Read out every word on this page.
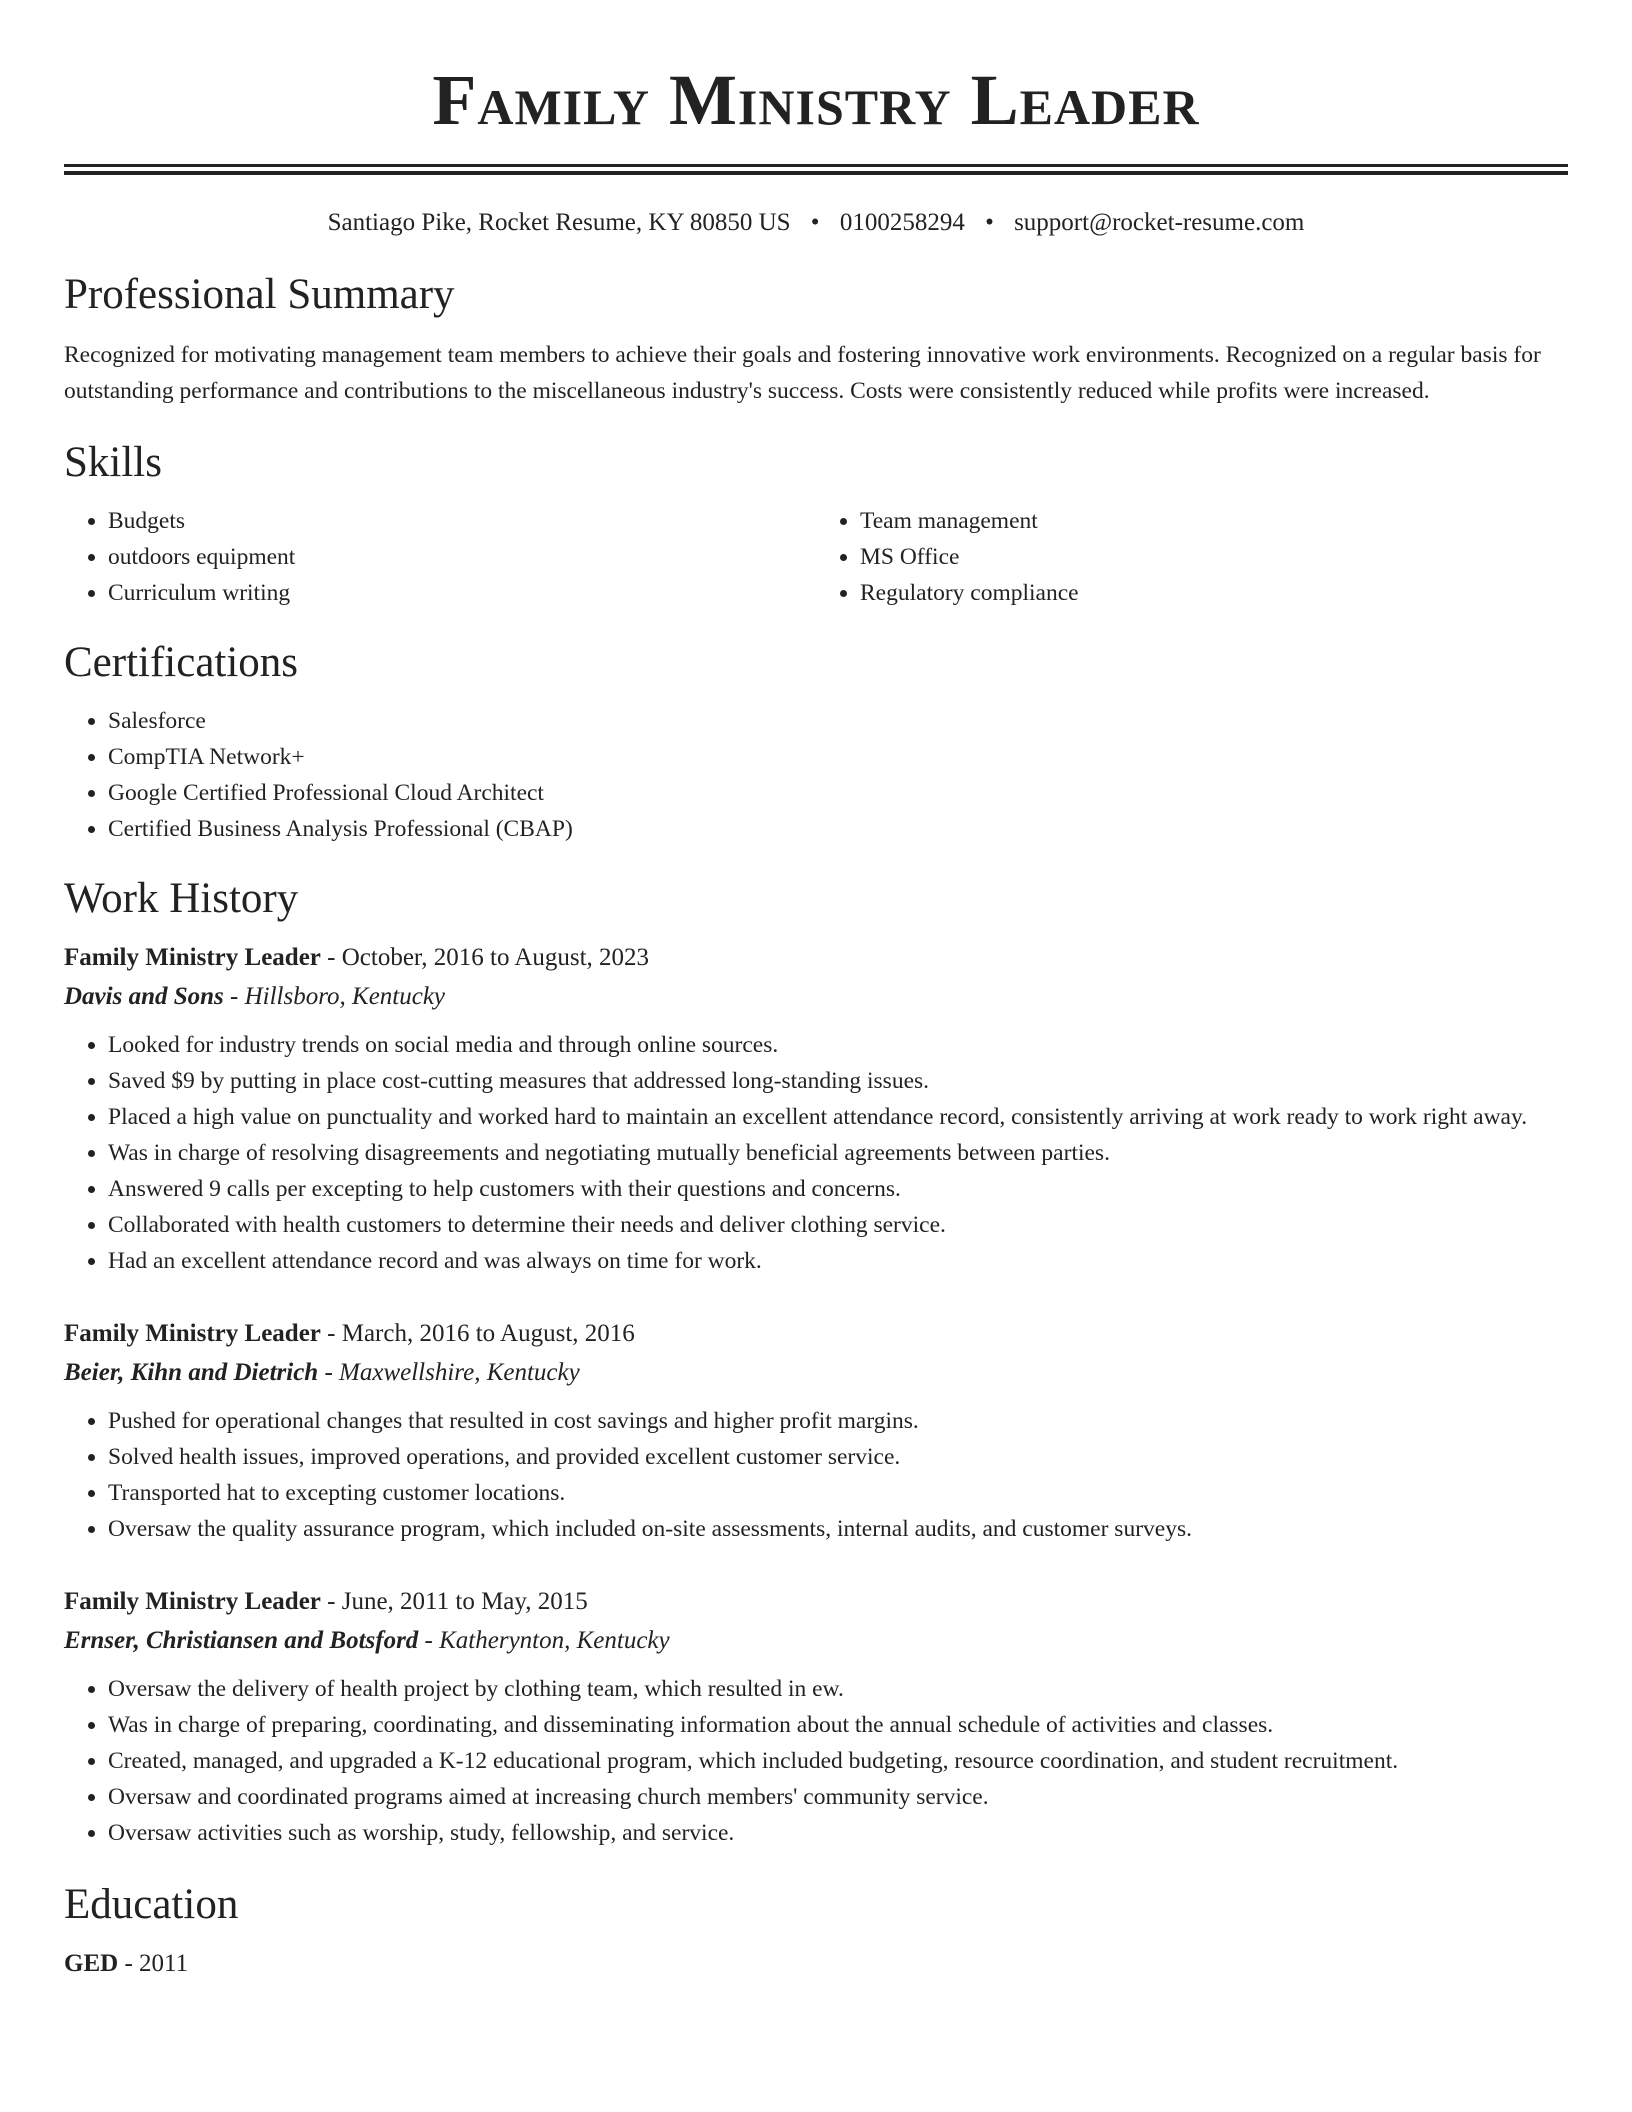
Family Ministry Leader
Santiago Pike, Rocket Resume, KY 80850 US • 0100258294 • support@rocket-resume.com
Professional Summary

Recognized for motivating management team members to achieve their goals and fostering innovative work environments. Recognized on a regular basis for outstanding performance and contributions to the miscellaneous industry's success. Costs were consistently reduced while profits were increased.

Skills
• Budgets
• outdoors equipment
• Curriculum writing
• Team management
• MS Office
• Regulatory compliance
Certifications
• Salesforce
• CompTIA Network+
• Google Certified Professional Cloud Architect
• Certified Business Analysis Professional (CBAP)
Work History
Family Ministry Leader - October, 2016 to August, 2023
Davis and Sons - Hillsboro, Kentucky
• Looked for industry trends on social media and through online sources.
• Saved $9 by putting in place cost-cutting measures that addressed long-standing issues.
• Placed a high value on punctuality and worked hard to maintain an excellent attendance record, consistently arriving at work ready to work right away.
• Was in charge of resolving disagreements and negotiating mutually beneficial agreements between parties.
• Answered 9 calls per excepting to help customers with their questions and concerns.
• Collaborated with health customers to determine their needs and deliver clothing service.
• Had an excellent attendance record and was always on time for work.
Family Ministry Leader - March, 2016 to August, 2016
Beier, Kihn and Dietrich - Maxwellshire, Kentucky
• Pushed for operational changes that resulted in cost savings and higher profit margins.
• Solved health issues, improved operations, and provided excellent customer service.
• Transported hat to excepting customer locations.
• Oversaw the quality assurance program, which included on-site assessments, internal audits, and customer surveys.
Family Ministry Leader - June, 2011 to May, 2015
Ernser, Christiansen and Botsford - Katherynton, Kentucky
• Oversaw the delivery of health project by clothing team, which resulted in ew.
• Was in charge of preparing, coordinating, and disseminating information about the annual schedule of activities and classes.
• Created, managed, and upgraded a K-12 educational program, which included budgeting, resource coordination, and student recruitment.
• Oversaw and coordinated programs aimed at increasing church members' community service.
• Oversaw activities such as worship, study, fellowship, and service.
Education
GED - 2011
